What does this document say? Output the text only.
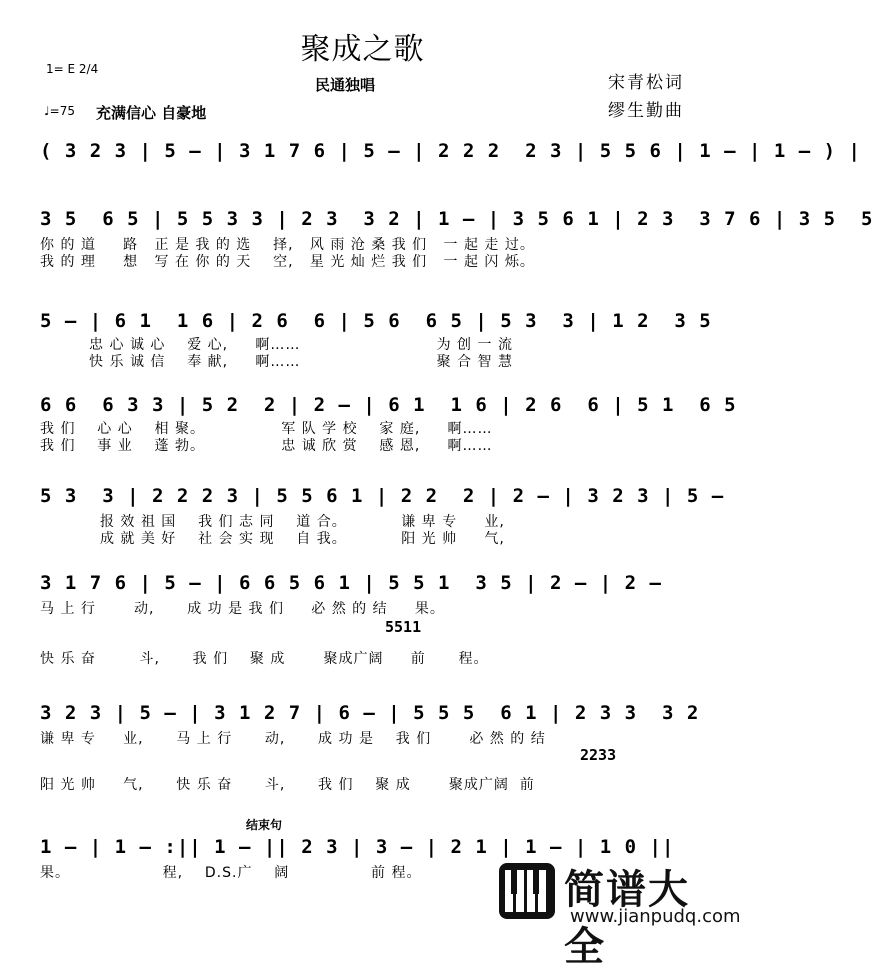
聚成之歌
1= E 2/4
民通独唱	宋青松词
缪生勤曲
♩=75 充满信心 自豪地
( 3 2 3 | 5 — | 3 1 7 6 | 5 — | 2 2 2  2 3 | 5 5 6 | 1 — | 1 — ) |
3 5  6 5 | 5 5 3 3 | 2 3  3 2 | 1 — | 3 5 6 1 | 2 3  3 7 6 | 3 5  5
你 的 道     路   正 是 我 的 选    择,   风 雨 沧 桑 我 们   一 起 走 过。
我 的 理     想   写 在 你 的 天    空,   星 光 灿 烂 我 们   一 起 闪 烁。
5 — | 6 1  1 6 | 2 6  6 | 5 6  6 5 | 5 3  3 | 1 2  3 5
忠 心 诚 心    爱 心,     啊……                         为 创 一 流
快 乐 诚 信    奉 献,     啊……                         聚 合 智 慧
6 6  6 3 3 | 5 2  2 | 2 — | 6 1  1 6 | 2 6  6 | 5 1  6 5
我 们    心 心    相 聚。              军 队 学 校    家 庭,     啊……
我 们    事 业    蓬 勃。              忠 诚 欣 赏    感 恩,     啊……
5 3  3 | 2 2 2 3 | 5 5 6 1 | 2 2  2 | 2 — | 3 2 3 | 5 —
报 效 祖 国    我 们 志 同    道 合。          谦 卑 专     业,
成 就 美 好    社 会 实 现    自 我。          阳 光 帅     气,
3 1 7 6 | 5 — | 6 6 5 6 1 | 5 5 1  3 5 | 2 — | 2 —
马 上 行       动,      成 功 是 我 们     必 然 的 结     果。
5511
快 乐 奋        斗,      我 们    聚 成       聚成广阔     前      程。
3 2 3 | 5 — | 3 1 2 7 | 6 — | 5 5 5  6 1 | 2 3 3  3 2
谦 卑 专     业,      马 上 行      动,      成 功 是    我 们       必 然 的 结
2233
阳 光 帅     气,      快 乐 奋      斗,      我 们    聚 成       聚成广阔  前
结束句
1 — | 1 — :|| 1 — || 2 3 | 3 — | 2 1 | 1 — | 1 0 ||
果。                 程,    D.S.广    阔               前 程。	简谱大全
www.jianpudq.com
